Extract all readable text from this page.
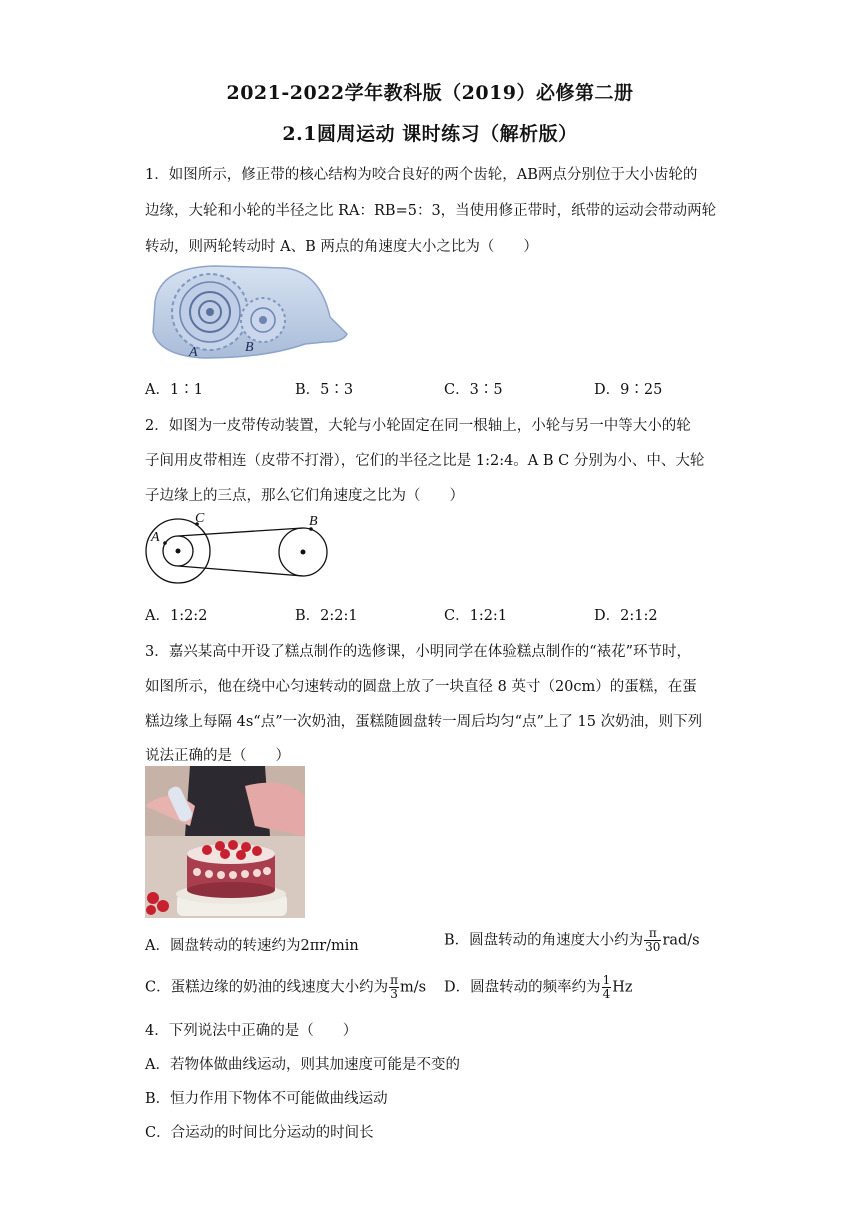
2021-2022学年教科版（2019）必修第二册
2.1圆周运动 课时练习（解析版）
1．如图所示，修正带的核心结构为咬合良好的两个齿轮，AB两点分别位于大小齿轮的
边缘，大轮和小轮的半径之比 RA：RB=5：3，当使用修正带时，纸带的运动会带动两轮
转动，则两轮转动时 A、B 两点的角速度大小之比为（　　）
A	B
A．1∶1	B．5∶3	C．3∶5	D．9∶25
2．如图为一皮带传动装置，大轮与小轮固定在同一根轴上，小轮与另一中等大小的轮
子间用皮带相连（皮带不打滑），它们的半径之比是 1:2:4。A B C 分别为小、中、大轮
子边缘上的三点，那么它们角速度之比为（　　）
A
C	B
A．1:2:2	B．2:2:1	C．1:2:1	D．2:1:2
3．嘉兴某高中开设了糕点制作的选修课，小明同学在体验糕点制作的“裱花”环节时，
如图所示，他在绕中心匀速转动的圆盘上放了一块直径 8 英寸（20cm）的蛋糕，在蛋
糕边缘上每隔 4s“点”一次奶油，蛋糕随圆盘转一周后均匀“点”上了 15 次奶油，则下列
说法正确的是（　　）
A．圆盘转动的转速约为2πr/min	B．圆盘转动的角速度大小约为 $\frac{\pi}{30} rad/s$
C．蛋糕边缘的奶油的线速度大小约为 $\frac{\pi}{3} m/s$ D．圆盘转动的频率约为 $\frac{1}{4}$ Hz
4．下列说法中正确的是（　　）
A．若物体做曲线运动，则其加速度可能是不变的
B．恒力作用下物体不可能做曲线运动
C．合运动的时间比分运动的时间长
